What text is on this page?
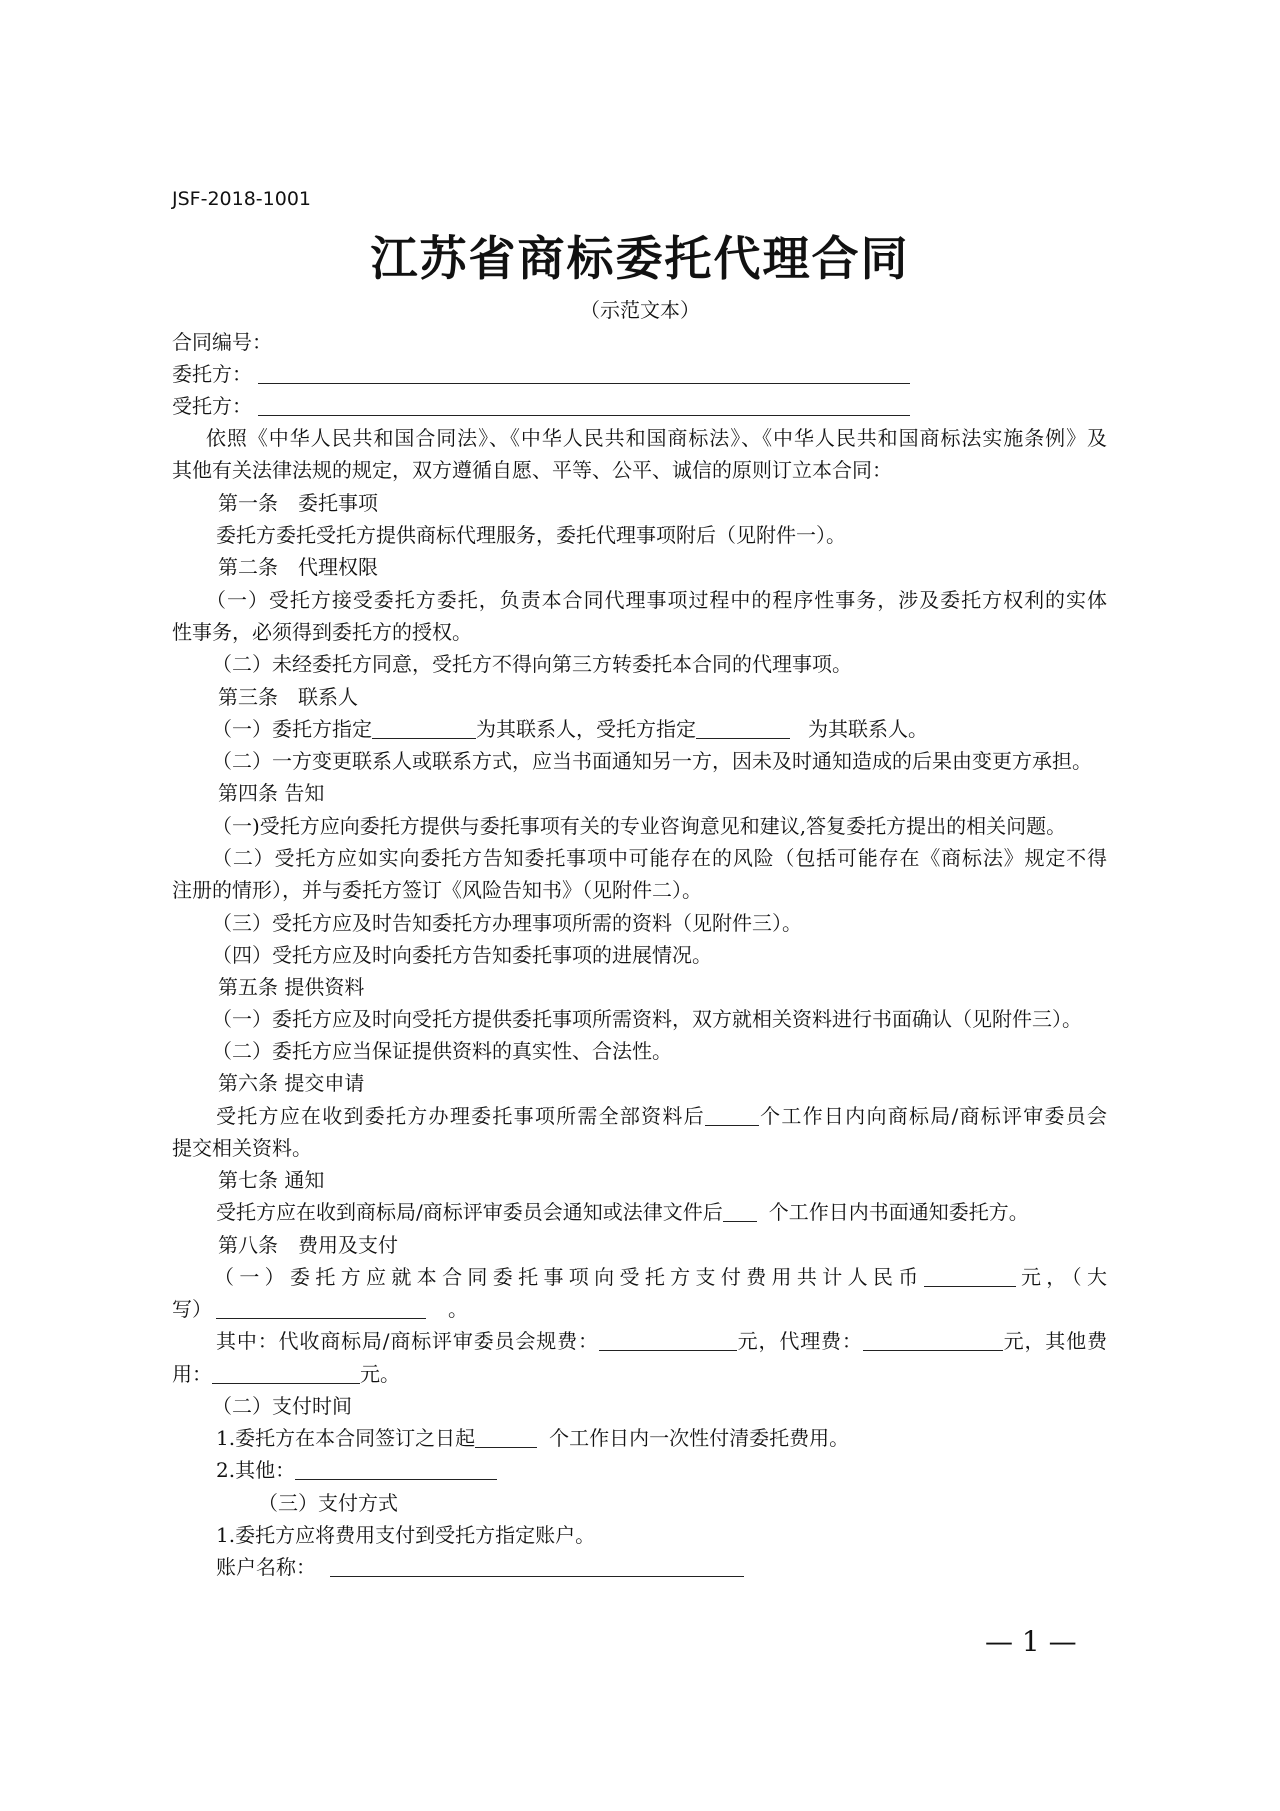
JSF-2018-1001
江苏省商标委托代理合同
（示范文本）
合同编号：
委托方：
受托方：
依照《中华人民共和国合同法》、《中华人民共和国商标法》、《中华人民共和国商标法实施条例》及
其他有关法律法规的规定，双方遵循自愿、平等、公平、诚信的原则订立本合同：
第一条　委托事项
委托方委托受托方提供商标代理服务，委托代理事项附后（见附件一）。
第二条　代理权限
（一）受托方接受委托方委托，负责本合同代理事项过程中的程序性事务，涉及委托方权利的实体
性事务，必须得到委托方的授权。
（二）未经委托方同意，受托方不得向第三方转委托本合同的代理事项。
第三条　联系人
（一）委托方指定	为其联系人，受托方指定	为其联系人。
（二）一方变更联系人或联系方式，应当书面通知另一方，因未及时通知造成的后果由变更方承担。
第四条 告知
（一)受托方应向委托方提供与委托事项有关的专业咨询意见和建议,答复委托方提出的相关问题。
（二）受托方应如实向委托方告知委托事项中可能存在的风险（包括可能存在《商标法》规定不得
注册的情形），并与委托方签订《风险告知书》（见附件二）。
（三）受托方应及时告知委托方办理事项所需的资料（见附件三）。
（四）受托方应及时向委托方告知委托事项的进展情况。
第五条 提供资料
（一）委托方应及时向受托方提供委托事项所需资料，双方就相关资料进行书面确认（见附件三）。
（二）委托方应当保证提供资料的真实性、合法性。
第六条 提交申请
受托方应在收到委托方办理委托事项所需全部资料后	个工作日内向商标局/商标评审委员会
提交相关资料。
第七条 通知
受托方应在收到商标局/商标评审委员会通知或法律文件后 个工作日内书面通知委托方。
第八条　费用及支付
（一）委托方应就本合同委托事项向受托方支付费用共计人民币	元，（大
写）	。
其中：代收商标局/商标评审委员会规费：	元，代理费：	元，其他费
用：	元。
（二）支付时间
1.委托方在本合同签订之日起	个工作日内一次性付清委托费用。
2.其他：
（三）支付方式
1.委托方应将费用支付到受托方指定账户。
账户名称：
— 1 —
